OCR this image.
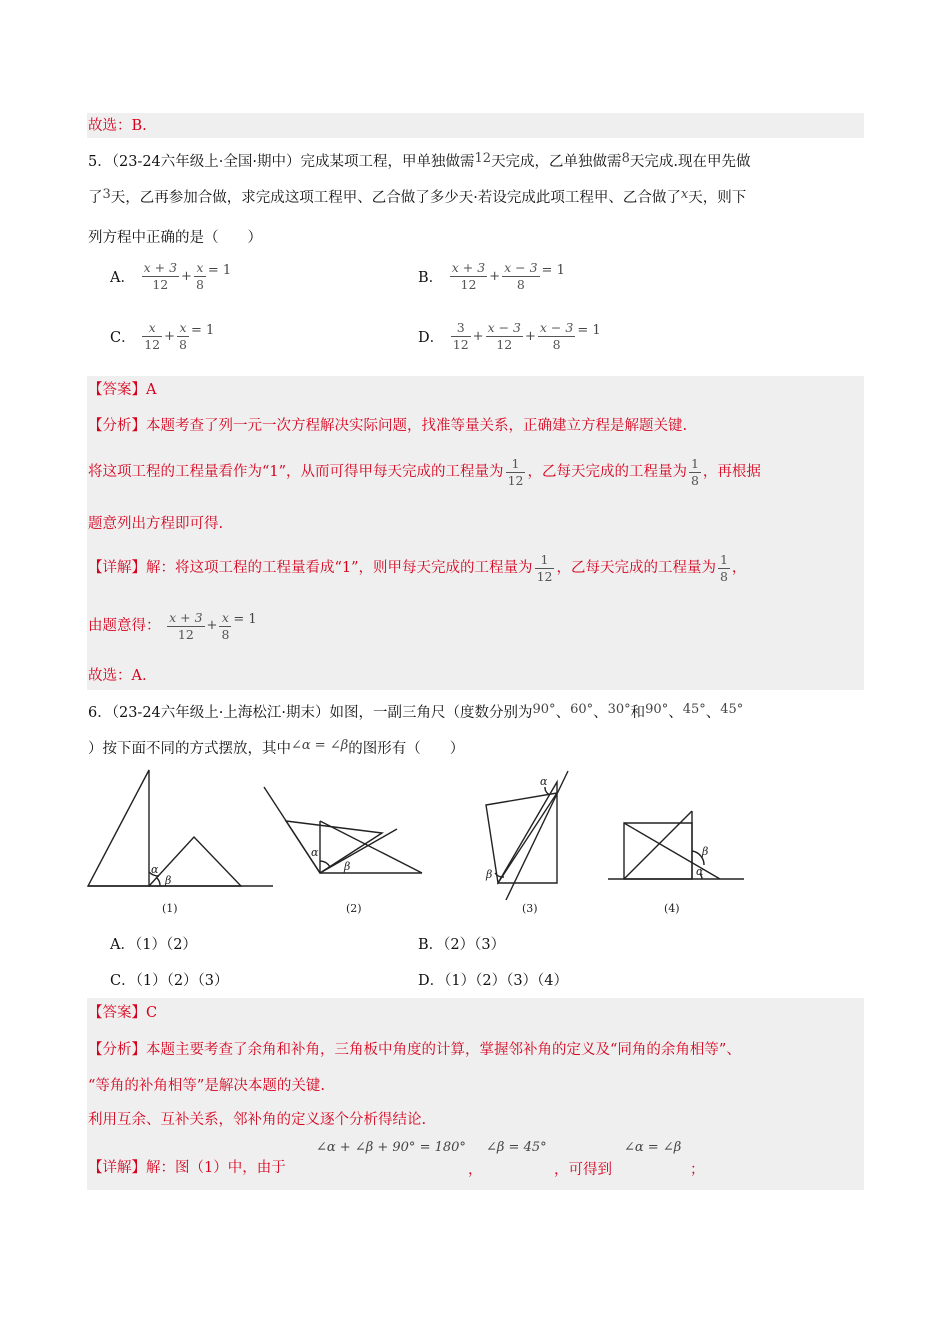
故选：B.
5．（23-24六年级上·全国·期中）完成某项工程，甲单独做需12天完成，乙单独做需8天完成.现在甲先做
了3天，乙再参加合做，求完成这项工程甲、乙合做了多少天·若设完成此项工程甲、乙合做了x天，则下
列方程中正确的是（　　）
A． $\frac{x + 3}{12} + \frac{x}{8} = 1$	B． $\frac{x + 3}{12} + \frac{x - 3}{8} = 1$
C． $\frac{x}{12} + \frac{x}{8} = 1$	D． $\frac{3}{12} + \frac{x - 3}{12} + \frac{x - 3}{8} = 1$
【答案】A
【分析】本题考查了列一元一次方程解决实际问题，找准等量关系，正确建立方程是解题关键.
将这项工程的工程量看作为“1”，从而可得甲每天完成的工程量为 $\frac{1}{12}$ ，乙每天完成的工程量为 $\frac{1}{8}$ ，再根据
题意列出方程即可得.
【详解】解：将这项工程的工程量看成“1”，则甲每天完成的工程量为 $\frac{1}{12}$ ，乙每天完成的工程量为 $\frac{1}{8}$ ，
由题意得： $\frac{x + 3}{12} + \frac{x}{8} = 1$
故选：A.
6．（23-24六年级上·上海松江·期末）如图，一副三角尺（度数分别为90°、60°、30°和90°、45°、45°
）按下面不同的方式摆放，其中∠α = ∠β的图形有（　　）
α
β
α
β
α
β
β
α
(1)	(2)	(3)	(4)
A．（1）（2）	B．（2）（3）
C．（1）（2）（3）	D．（1）（2）（3）（4）
【答案】C
【分析】本题主要考查了余角和补角，三角板中角度的计算，掌握邻补角的定义及“同角的余角相等”、
“等角的补角相等”是解决本题的关键.
利用互余、互补关系，邻补角的定义逐个分析得结论.
【详解】解：图（1）中，由于
∠α + ∠β + 90° = 180°
，
∠β = 45°
，可得到
∠α = ∠β
；
